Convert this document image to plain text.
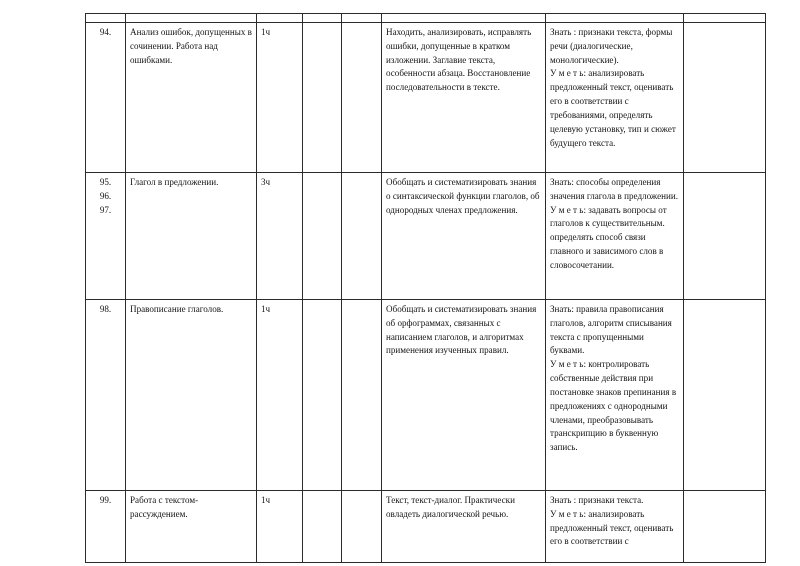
94.	Анализ ошибок, допущенных в сочинении. Работа над ошибками.	1ч			Находить, анализировать, исправлять ошибки, допущенные в кратком изложении. Заглавие текста, особенности абзаца. Восстановление последовательности в тексте.	Знать : признаки текста, формы речи (диалогические, монологические).
У м е т ь: анализировать предложенный текст, оценивать его в соответствии с требованиями, определять целевую установку, тип и сюжет будущего текста.	

95.
96.
97.
	Глагол в предложении.	3ч			Обобщать и систематизировать знания о синтаксической функции глаголов, об однородных членах предложения.	
Знать: способы определения значения глагола в предложении.
У м е т ь: задавать вопросы от глаголов к существительным. определять способ связи главного и зависимого слов в словосочетании.

98.	Правописание глаголов.	1ч			Обобщать и систематизировать знания об орфограммах, связанных с написанием глаголов, и алгоритмах применения изученных правил.	Знать: правила правописания глаголов, алгоритм списывания текста с пропущенными буквами.
У м е т ь: контролировать собственные действия при постановке знаков препинания в предложениях с однородными членами, преобразовывать транскрипцию в буквенную запись.	

99.	Работа с текстом-рассуждением.	1ч			Текст, текст-диалог. Практически овладеть диалогической речью.	Знать : признаки текста.
У м е т ь: анализировать предложенный текст, оценивать его в соответствии с	
